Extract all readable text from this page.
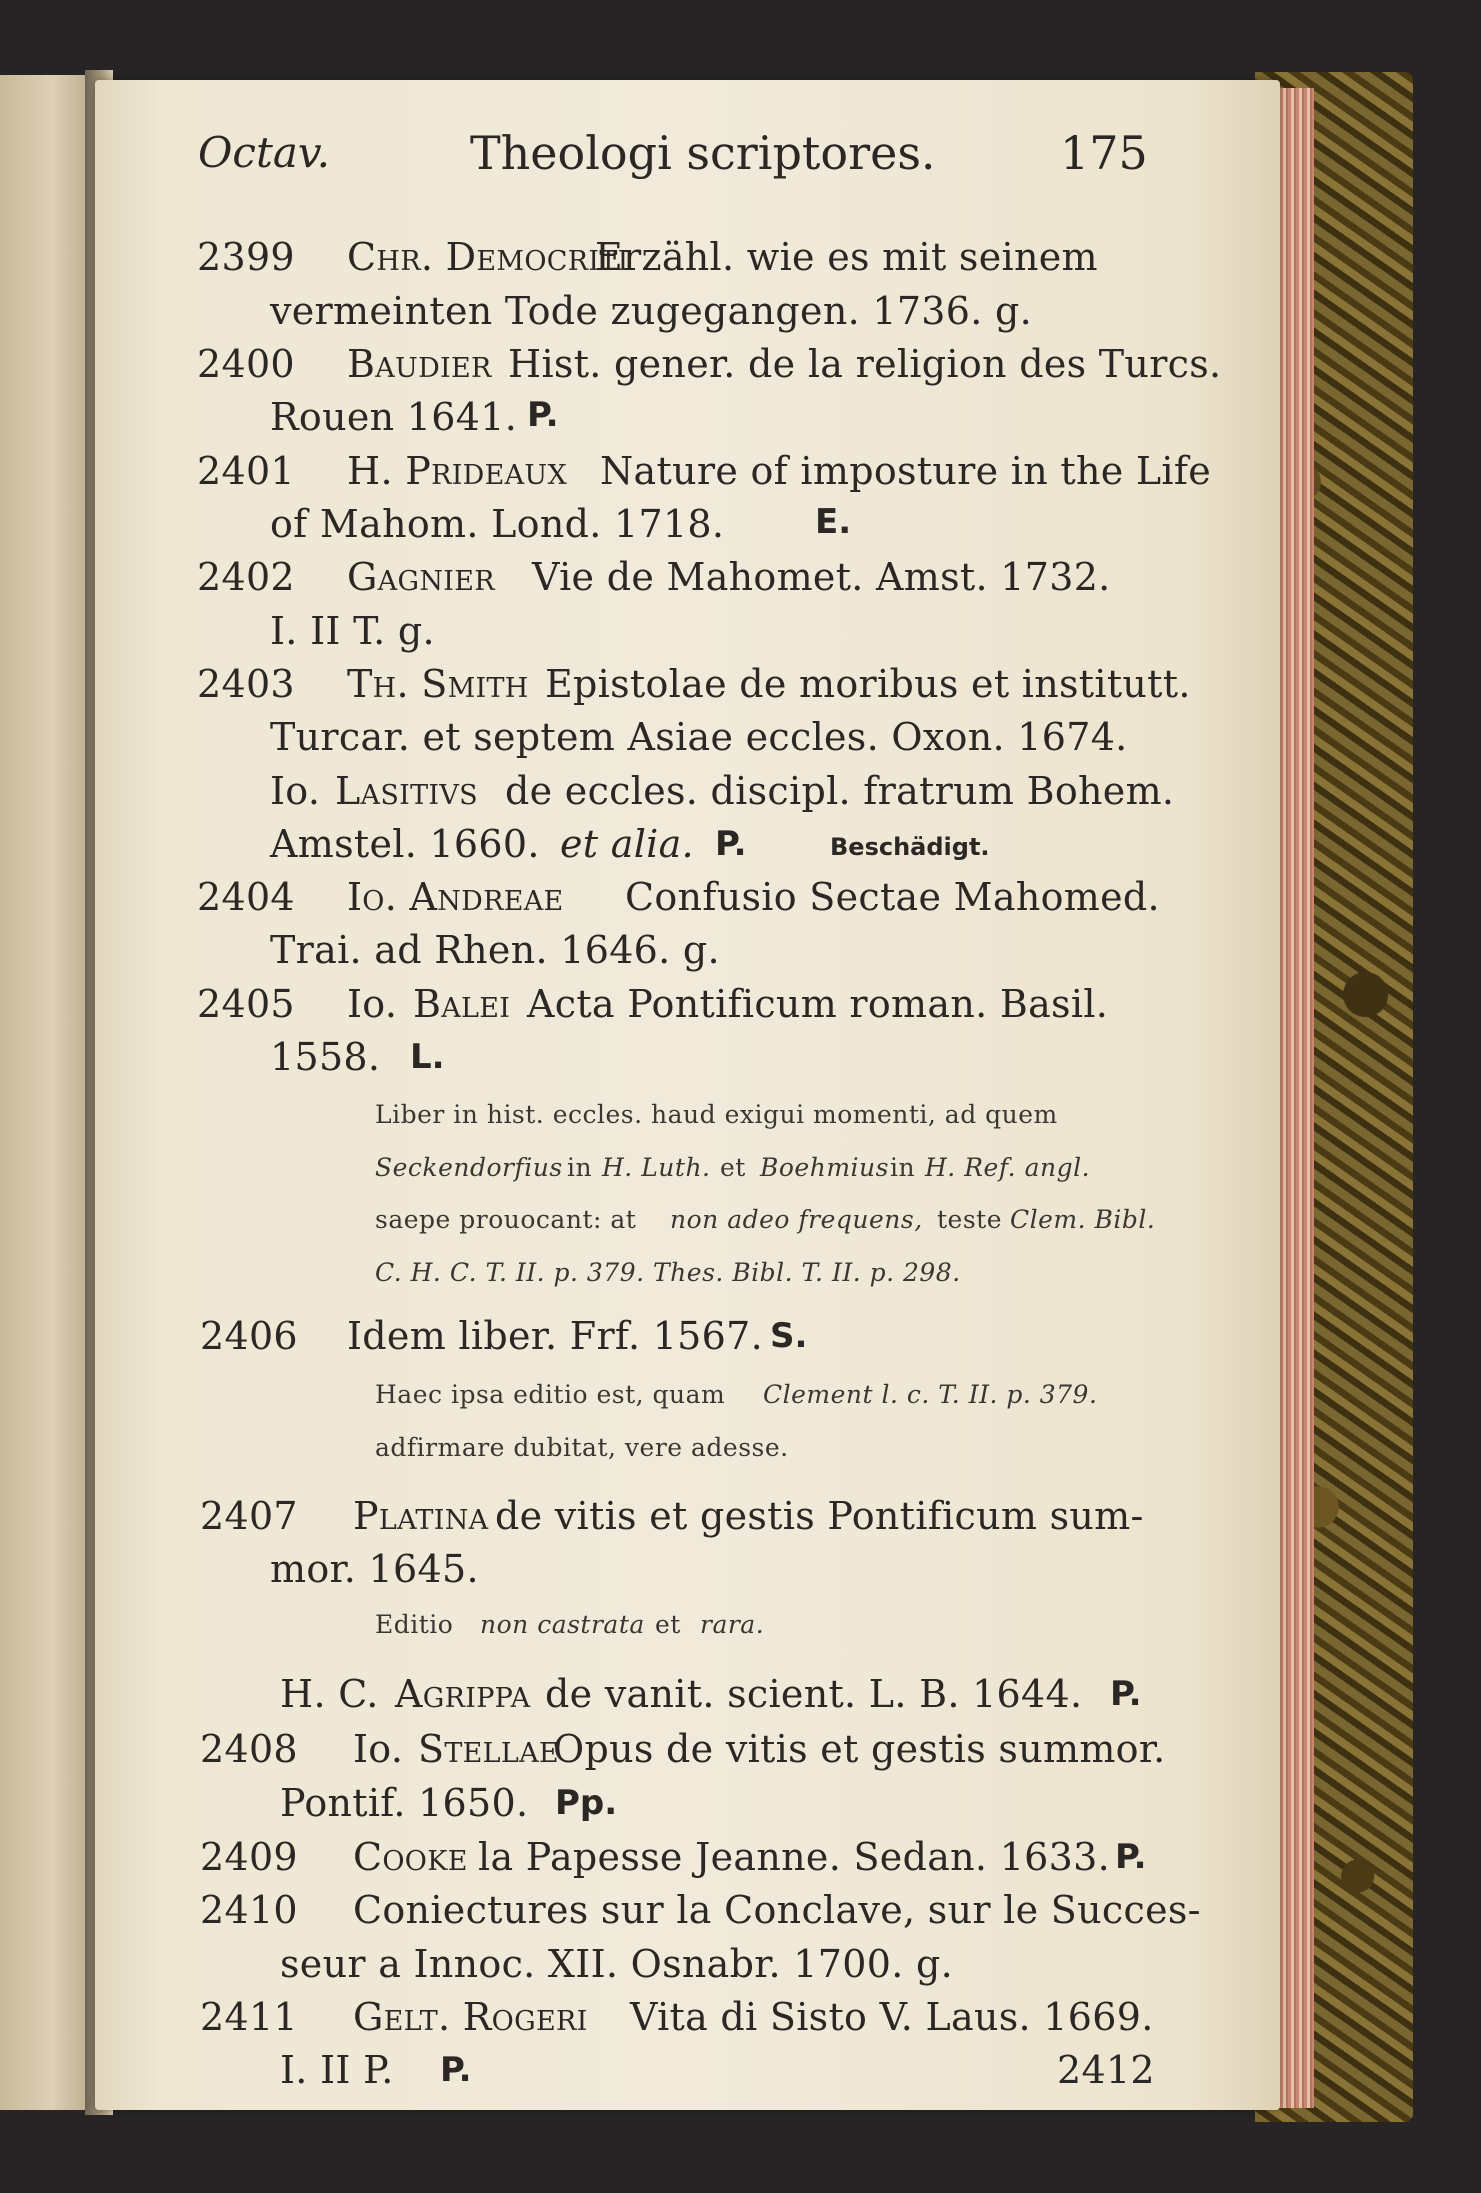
Octav.	Theologi scriptores.	175
2399 Chr. Democriti
Erzähl. wie es mit seinem
vermeinten Tode zugegangen. 1736. g.
2400 Baudier Hist. gener. de la religion des Turcs.
Rouen 1641. P.
2401 H. Prideaux Nature of imposture in the Life
of Mahom. Lond. 1718.	E.
2402 Gagnier Vie de Mahomet. Amst. 1732.
I. II T. g.
2403 Th. Smith Epistolae de moribus et institutt.
Turcar. et septem Asiae eccles. Oxon. 1674.
Io. Lasitivs de eccles. discipl. fratrum Bohem.
Amstel. 1660. et alia. P.	Beschädigt.
2404 Io. Andreae Confusio Sectae Mahomed.
Trai. ad Rhen. 1646. g.
2405 Io. Balei Acta Pontificum roman. Basil.
1558. L.
Liber in hist. eccles. haud exigui momenti, ad quem
Seckendorfius in H. Luth. et Boehmius in H. Ref. angl.
saepe prouocant: at non adeo frequens, teste Clem. Bibl.
C. H. C. T. II. p. 379. Thes. Bibl. T. II. p. 298.
2406 Idem liber. Frf. 1567. S.
Haec ipsa editio est, quam Clement l. c. T. II. p. 379.
adfirmare dubitat, vere adesse.
2407 Platina de vitis et gestis Pontificum sum-
mor. 1645.
Editio non castrata et rara.
H. C. Agrippa de vanit. scient. L. B. 1644. P.
2408 Io. Stellae
Opus de vitis et gestis summor.
Pontif. 1650. Pp.
2409 Cooke la Papesse Jeanne. Sedan. 1633. P.
2410 Coniectures sur la Conclave, sur le Succes-
seur a Innoc. XII. Osnabr. 1700. g.
2411 Gelt. Rogeri Vita di Sisto V. Laus. 1669.
I. II P. P.	2412
